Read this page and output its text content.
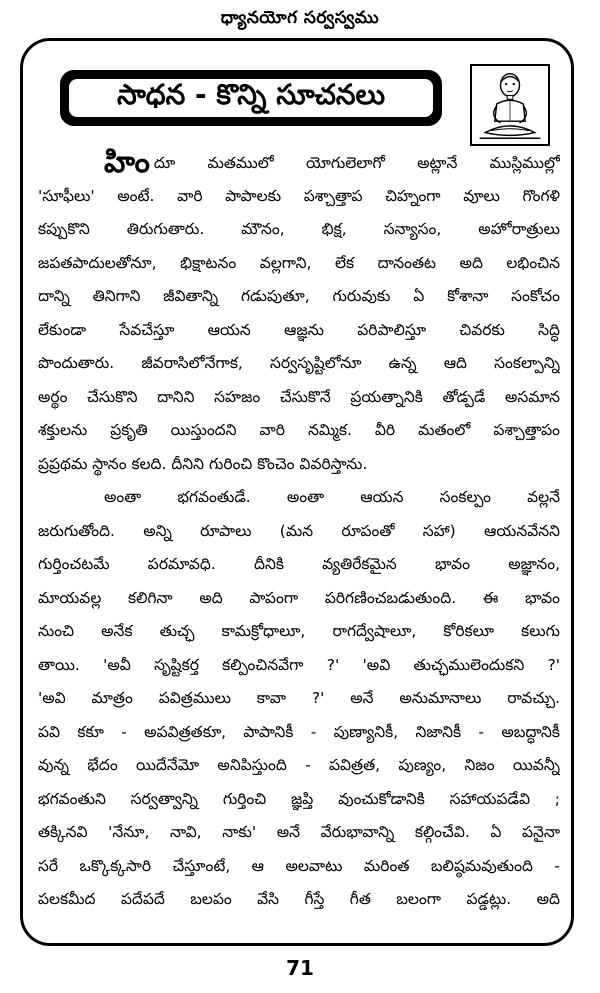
ధ్యానయోగ సర్వస్వము
సాధన - కొన్ని సూచనలు
హిందూ మతములో యోగులెలాగో అట్లానే ముస్లిముల్లో
'సూఫీలు' అంటే. వారి పాపాలకు పశ్చాత్తాప చిహ్నంగా వూలు గొంగళి
కప్పుకొని తిరుగుతారు. మౌనం, భిక్ష, సన్యాసం, అహోరాత్రులు
జపతపాదులతోనూ, భిక్షాటనం వల్లగాని, లేక దానంతట అది లభించిన
దాన్ని తినిగాని జీవితాన్ని గడుపుతూ, గురువుకు ఏ కోశానా సంకోచం
లేకుండా సేవచేస్తూ ఆయన ఆజ్ఞను పరిపాలిస్తూ చివరకు సిద్ధి
పొందుతారు. జీవరాసిలోనేగాక, సర్వసృష్టిలోనూ ఉన్న ఆది సంకల్పాన్ని
అర్థం చేసుకొని దానిని సహజం చేసుకొనే ప్రయత్నానికి తోడ్పడే అసమాన
శక్తులను ప్రకృతి యిస్తుందని వారి నమ్మిక. వీరి మతంలో పశ్చాత్తాపం
ప్రప్రథమ స్థానం కలది. దీనిని గురించి కొంచెం వివరిస్తాను.
అంతా భగవంతుడే. అంతా ఆయన సంకల్పం వల్లనే
జరుగుతోంది. అన్ని రూపాలు (మన రూపంతో సహా) ఆయనవేనని
గుర్తించటమే పరమావధి. దీనికి వ్యతిరేకమైన భావం అజ్ఞానం,
మాయవల్ల కలిగినా అది పాపంగా పరిగణించబడుతుంది. ఈ భావం
నుంచి అనేక తుచ్ఛ కామక్రోధాలూ, రాగద్వేషాలూ, కోరికలూ కలుగు
తాయి. 'అవీ సృష్టికర్త కల్పించినవేగా ?' 'అవి తుచ్ఛములెందుకని ?'
'అవి మాత్రం పవిత్రములు కావా ?' అనే అనుమానాలు రావచ్చు.
పవి కకూ - అపవిత్రతకూ, పాపానికీ - పుణ్యానికీ, నిజానికీ - అబద్ధానికీ
వున్న భేదం యిదేనేమో అనిపిస్తుంది - పవిత్రత, పుణ్యం, నిజం యివన్నీ
భగవంతుని సర్వత్వాన్ని గుర్తించి జ్ఞప్తి వుంచుకోడానికి సహాయపడేవి ;
తక్కినవి 'నేనూ, నావి, నాకు' అనే వేరుభావాన్ని కల్గించేవి. ఏ పనైనా
సరే ఒక్కొక్కసారి చేస్తూంటే, ఆ అలవాటు మరింత బలిష్ఠమవుతుంది -
పలకమీద పదేపదే బలపం వేసి గీస్తే గీత బలంగా పడ్డట్లు. అది
71
